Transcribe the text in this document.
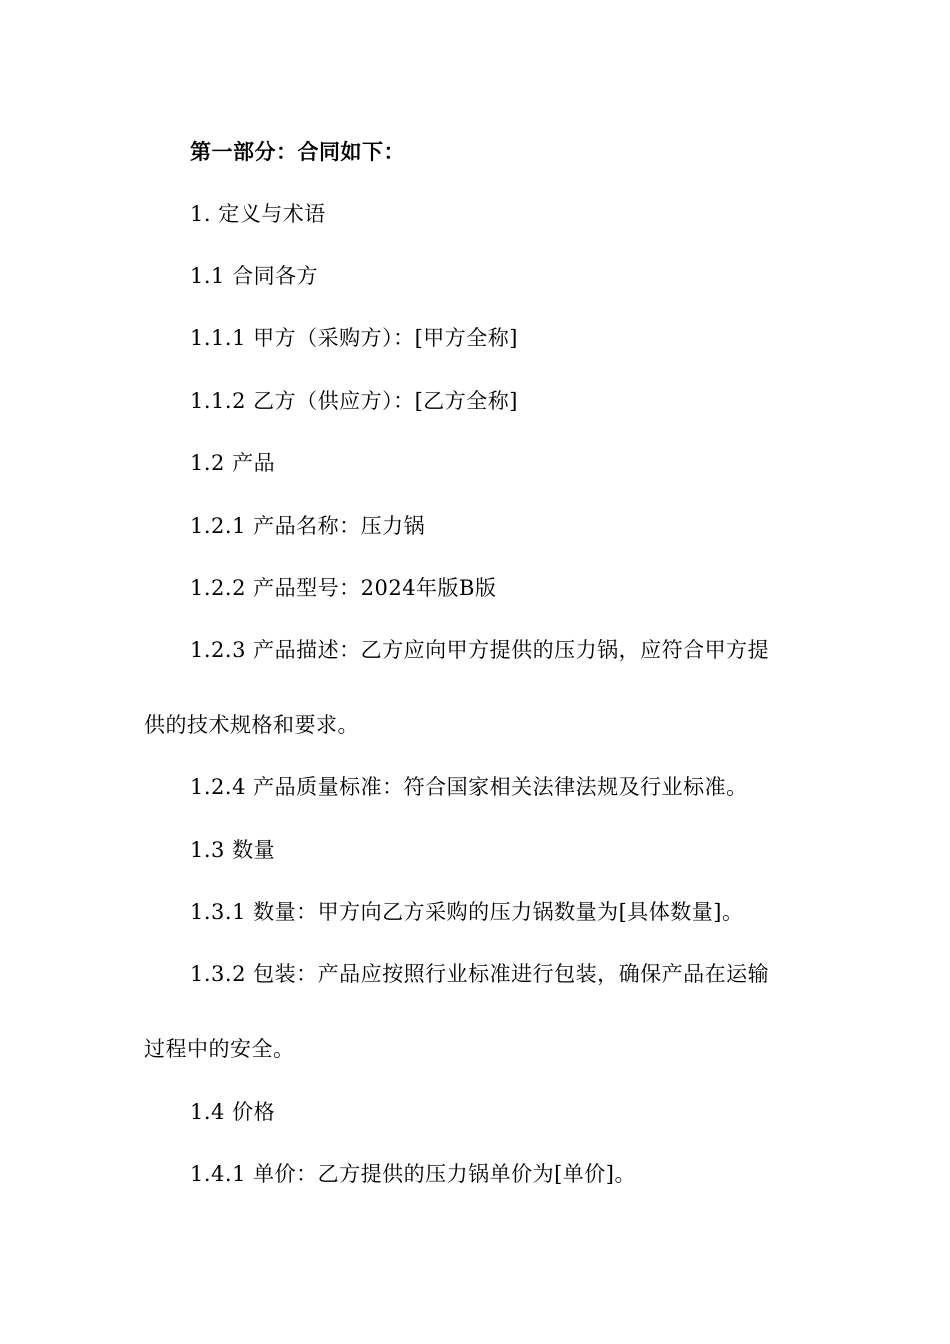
第一部分：合同如下：

1. 定义与术语

1.1 合同各方

1.1.1 甲方（采购方）：[甲方全称]

1.1.2 乙方（供应方）：[乙方全称]

1.2 产品

1.2.1 产品名称：压力锅

1.2.2 产品型号：2024年版B版

1.2.3 产品描述：乙方应向甲方提供的压力锅，应符合甲方提

供的技术规格和要求。

1.2.4 产品质量标准：符合国家相关法律法规及行业标准。

1.3 数量

1.3.1 数量：甲方向乙方采购的压力锅数量为[具体数量]。

1.3.2 包装：产品应按照行业标准进行包装，确保产品在运输

过程中的安全。

1.4 价格

1.4.1 单价：乙方提供的压力锅单价为[单价]。
